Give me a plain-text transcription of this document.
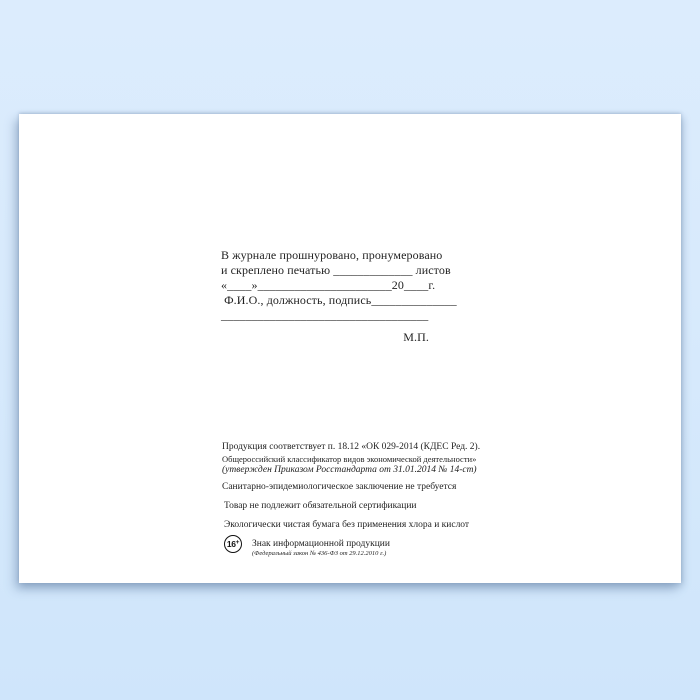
В журнале прошнуровано, пронумеровано
и скреплено печатью _____________ листов
«____»______________________20____г.
Ф.И.О., должность, подпись______________
__________________________________
М.П.
Продукция соответствует п. 18.12 «ОК 029-2014 (КДЕС Ред. 2).
Общероссийский классификатор видов экономической деятельности»
(утвержден Приказом Росстандарта от 31.01.2014 № 14-ст)
Санитарно-эпидемиологическое заключение не требуется
Товар не подлежит обязательной сертификации
Экологически чистая бумага без применения хлора и кислот
16 + Знак информационной продукции
(Федеральный закон № 436-ФЗ от 29.12.2010 г.)
